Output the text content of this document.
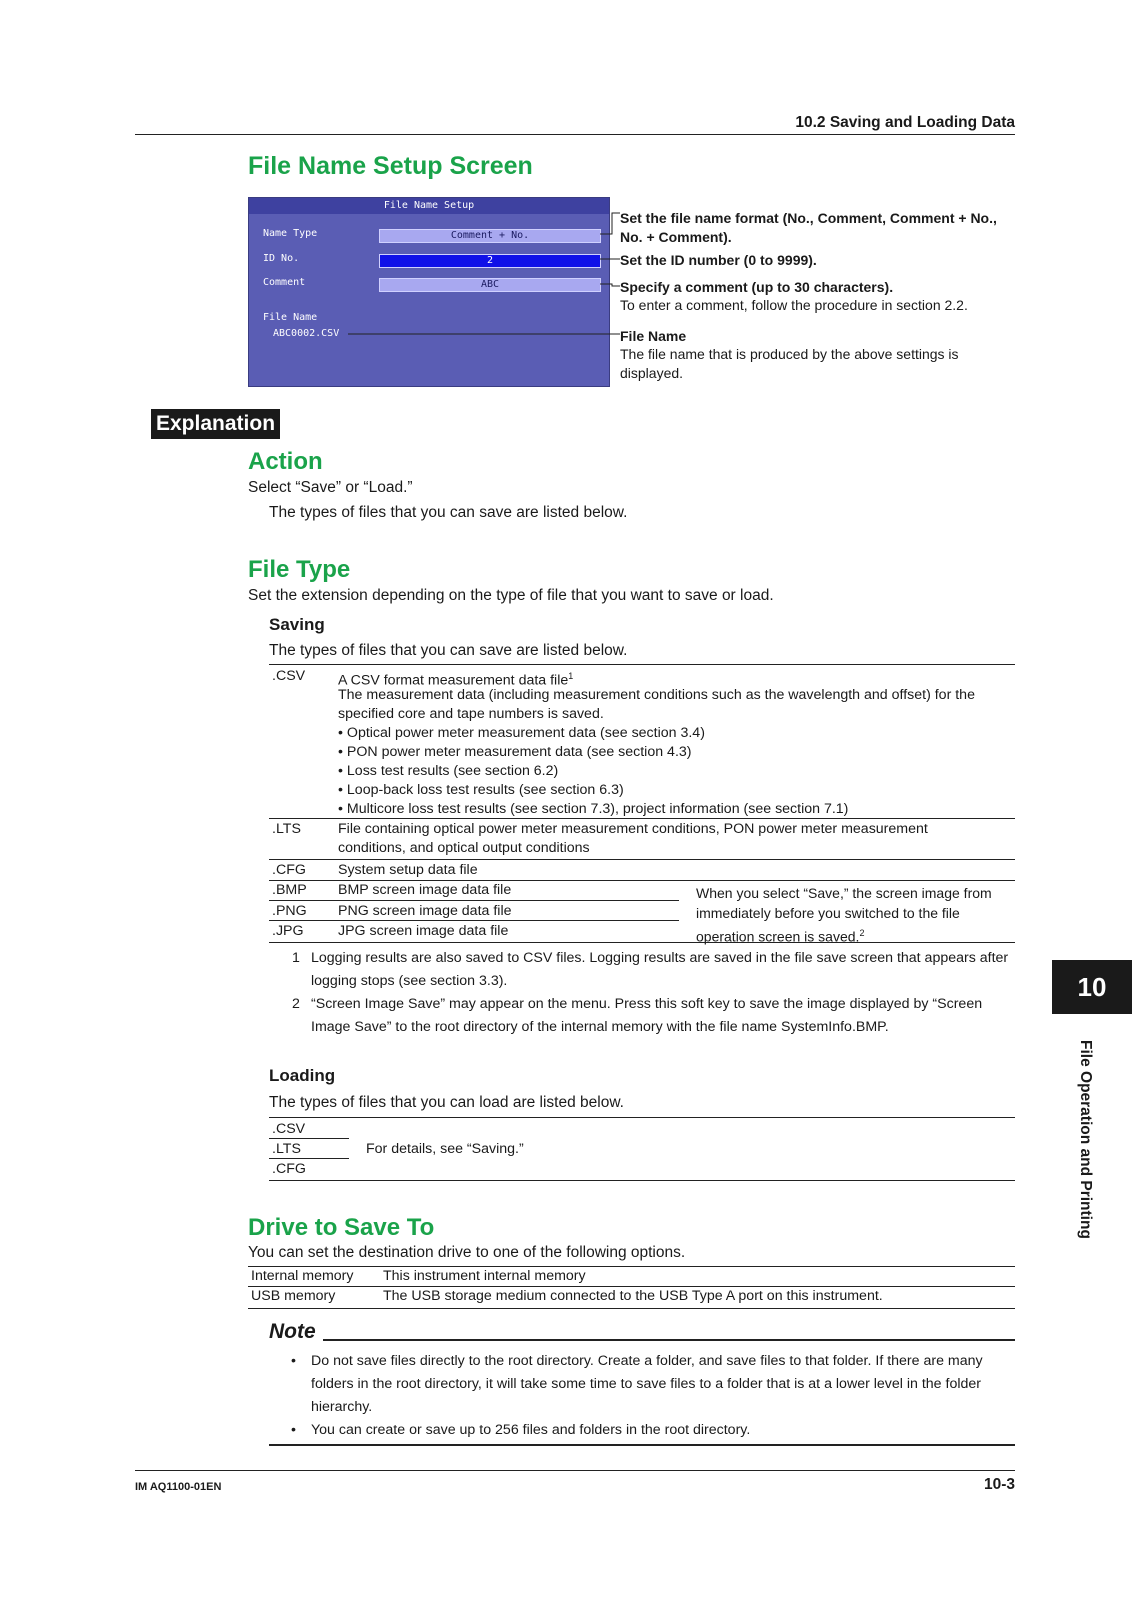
10.2 Saving and Loading Data
File Name Setup Screen
File Name Setup
Name Type	Comment + No.
ID No.	2
Comment	ABC
File Name
ABC0002.CSV
Set the file name format (No., Comment, Comment + No., No. + Comment).
Set the ID number (0 to 9999).
Specify a comment (up to 30 characters).
To enter a comment, follow the procedure in section 2.2.
File Name
The file name that is produced by the above settings is displayed.
Explanation
Action
Select “Save” or “Load.”
The types of files that you can save are listed below.
File Type
Set the extension depending on the type of file that you want to save or load.
Saving
The types of files that you can save are listed below.
.CSV A CSV format measurement data file$^1$
The measurement data (including measurement conditions such as the wavelength and offset) for the specified core and tape numbers is saved.
• Optical power meter measurement data (see section 3.4)
• PON power meter measurement data (see section 4.3)
• Loss test results (see section 6.2)
• Loop-back loss test results (see section 6.3)
• Multicore loss test results (see section 7.3), project information (see section 7.1)
.LTS	File containing optical power meter measurement conditions, PON power meter measurement conditions, and optical output conditions
.CFG System setup data file
.BMP BMP screen image data file
.PNG PNG screen image data file
.JPG JPG screen image data file
When you select “Save,” the screen image from immediately before you switched to the file operation screen is saved.$^2$
1 Logging results are also saved to CSV files. Logging results are saved in the file save screen that appears after logging stops (see section 3.3).
2 “Screen Image Save” may appear on the menu. Press this soft key to save the image displayed by “Screen Image Save” to the root directory of the internal memory with the file name SystemInfo.BMP.
Loading
The types of files that you can load are listed below.
.CSV
.LTS
.CFG
For details, see “Saving.”
Drive to Save To
You can set the destination drive to one of the following options.
Internal memory This instrument internal memory
USB memory	The USB storage medium connected to the USB Type A port on this instrument.
Note
• Do not save files directly to the root directory. Create a folder, and save files to that folder. If there are many folders in the root directory, it will take some time to save files to a folder that is at a lower level in the folder hierarchy.
• You can create or save up to 256 files and folders in the root directory.
10
File Operation and Printing
IM AQ1100-01EN	10-3
